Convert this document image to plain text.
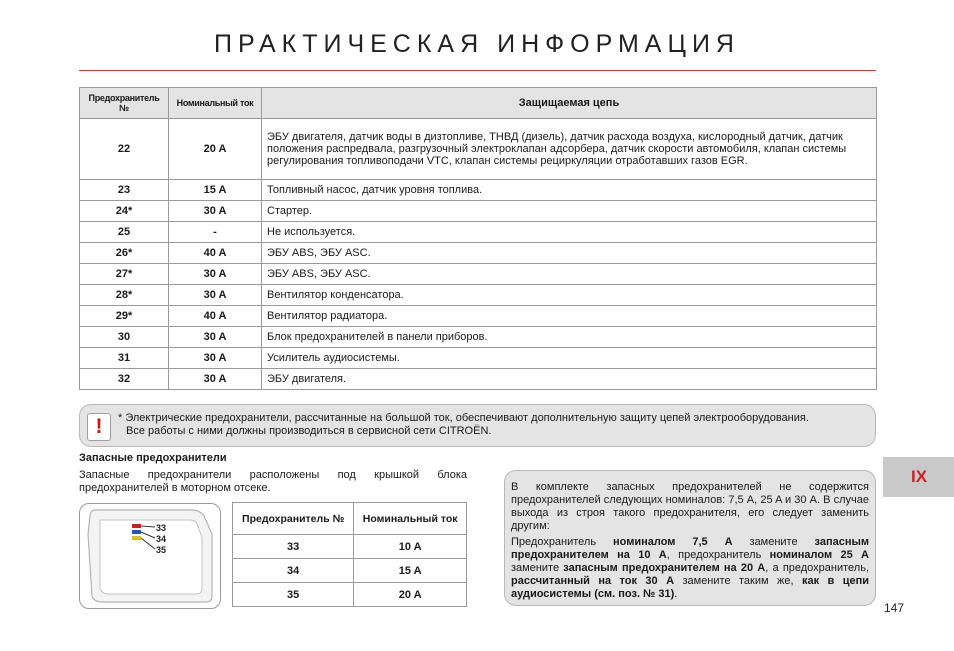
ПРАКТИЧЕСКАЯ ИНФОРМАЦИЯ
Предохранитель №	Номинальный ток	Защищаемая цепь
22	20 A	ЭБУ двигателя, датчик воды в дизтопливе, ТНВД (дизель), датчик расхода воздуха, кислородный датчик, датчик положения распредвала, разгрузочный электроклапан адсорбера, датчик скорости автомобиля, клапан системы регулирования топливоподачи VTC, клапан системы рециркуляции отработавших газов EGR.
23	15 A	Топливный насос, датчик уровня топлива.
24*	30 A	Стартер.
25	-	Не используется.
26*	40 A	ЭБУ ABS, ЭБУ ASC.
27*	30 A	ЭБУ ABS, ЭБУ ASC.
28*	30 A	Вентилятор конденсатора.
29*	40 A	Вентилятор радиатора.
30	30 A	Блок предохранителей в панели приборов.
31	30 A	Усилитель аудиосистемы.
32	30 A	ЭБУ двигателя.
!	* Электрические предохранители, рассчитанные на большой ток, обеспечивают дополнительную защиту цепей электрооборудования.
Все работы с ними должны производиться в сервисной сети CITROËN.
Запасные предохранители
Запасные предохранители расположены под крышкой блока предохранителей в моторном отсеке.
33
34
35
Предохранитель №	Номинальный ток
33	10 A
34	15 A
35	20 A

В комплекте запасных предохранителей не содержится предохранителей следующих номиналов: 7,5 A, 25 A и 30 A. В случае выхода из строя такого предохранителя, его следует заменить другим:

Предохранитель номиналом 7,5 A замените запасным предохранителем на 10 A, предохранитель номиналом 25 A замените запасным предохранителем на 20 A, а предохранитель, рассчитанный на ток 30 A замените таким же, как в цепи аудиосистемы (см. поз. № 31).

IX
147
